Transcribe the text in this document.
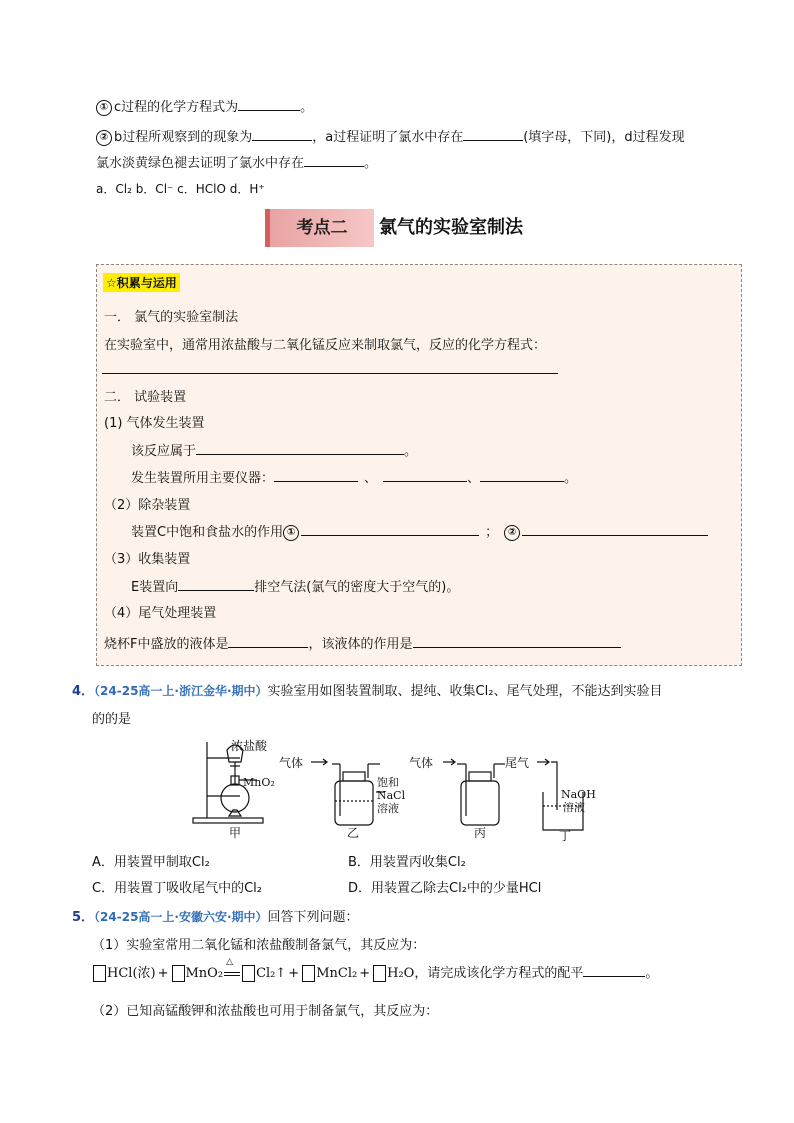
① c过程的化学方程式为	。
② b过程所观察到的现象为	，a过程证明了氯水中存在	(填字母，下同)，d过程发现
氯水淡黄绿色褪去证明了氯水中存在	。
a．Cl₂ b．Cl⁻ c．HClO d．H⁺
考点二	氯气的实验室制法
☆积累与运用
一． 氯气的实验室制法
在实验室中，通常用浓盐酸与二氧化锰反应来制取氯气，反应的化学方程式：
二． 试验装置
(1) 气体发生装置
该反应属于	。
发生装置所用主要仪器：	、	、	。
（2）除杂装置
装置C中饱和食盐水的作用 ①	； ②
（3）收集装置
E装置向	排空气法(氯气的密度大于空气的)。
（4）尾气处理装置
烧杯F中盛放的液体是	，该液体的作用是
4．（24-25高一上·浙江金华·期中）实验室用如图装置制取、提纯、收集Cl₂、尾气处理，不能达到实验目
的的是
浓盐酸
MnO₂
气体
饱和
NaCl
溶液
气体	尾气
NaOH
溶液
甲	乙	丙	丁
A．用装置甲制取Cl₂	B．用装置丙收集Cl₂
C．用装置丁吸收尾气中的Cl₂	D．用装置乙除去Cl₂中的少量HCl
5．（24-25高一上·安徽六安·期中）回答下列问题：
（1）实验室常用二氧化锰和浓盐酸制备氯气，其反应为：
HCl(浓) + MnO₂
△
Cl₂↑ + MnCl₂ + H₂O，请完成该化学方程式的配平	。
（2）已知高锰酸钾和浓盐酸也可用于制备氯气，其反应为：
